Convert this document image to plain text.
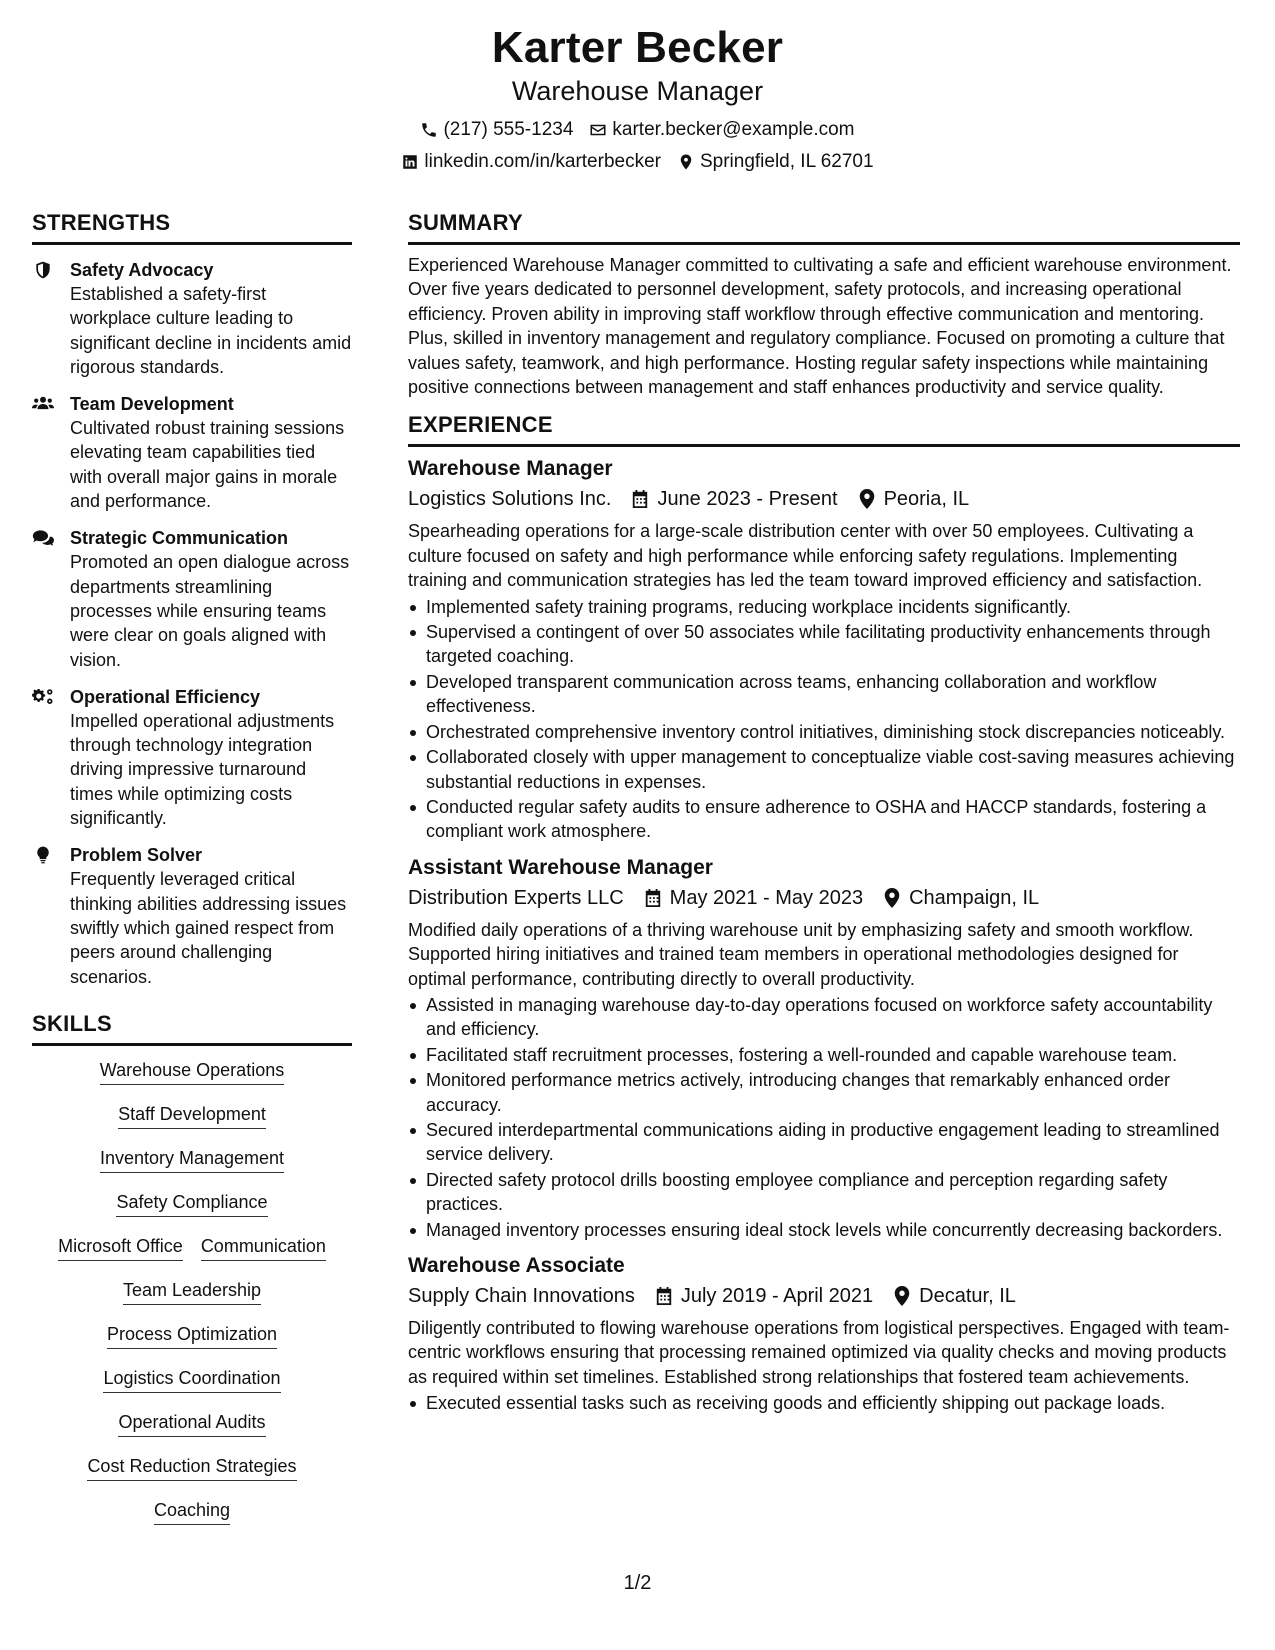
Karter Becker
Warehouse Manager
(217) 555-1234 karter.becker@example.com
linkedin.com/in/karterbecker Springfield, IL 62701
STRENGTHS
Safety Advocacy
Established a safety-first workplace culture leading to significant decline in incidents amid rigorous standards.
Team Development
Cultivated robust training sessions elevating team capabilities tied with overall major gains in morale and performance.
Strategic Communication
Promoted an open dialogue across departments streamlining processes while ensuring teams were clear on goals aligned with vision.
Operational Efficiency
Impelled operational adjustments through technology integration driving impressive turnaround times while optimizing costs significantly.
Problem Solver
Frequently leveraged critical thinking abilities addressing issues swiftly which gained respect from peers around challenging scenarios.
SKILLS
Warehouse Operations
Staff Development
Inventory Management
Safety Compliance
Microsoft Office Communication
Team Leadership
Process Optimization
Logistics Coordination
Operational Audits
Cost Reduction Strategies
Coaching
SUMMARY
Experienced Warehouse Manager committed to cultivating a safe and efficient warehouse environment. Over five years dedicated to personnel development, safety protocols, and increasing operational efficiency. Proven ability in improving staff workflow through effective communication and mentoring. Plus, skilled in inventory management and regulatory compliance. Focused on promoting a culture that values safety, teamwork, and high performance. Hosting regular safety inspections while maintaining positive connections between management and staff enhances productivity and service quality.
EXPERIENCE
Warehouse Manager
Logistics Solutions Inc. June 2023 - Present Peoria, IL
Spearheading operations for a large-scale distribution center with over 50 employees. Cultivating a culture focused on safety and high performance while enforcing safety regulations. Implementing training and communication strategies has led the team toward improved efficiency and satisfaction.
Implemented safety training programs, reducing workplace incidents significantly.
Supervised a contingent of over 50 associates while facilitating productivity enhancements through targeted coaching.
Developed transparent communication across teams, enhancing collaboration and workflow effectiveness.
Orchestrated comprehensive inventory control initiatives, diminishing stock discrepancies noticeably.
Collaborated closely with upper management to conceptualize viable cost-saving measures achieving substantial reductions in expenses.
Conducted regular safety audits to ensure adherence to OSHA and HACCP standards, fostering a compliant work atmosphere.
Assistant Warehouse Manager
Distribution Experts LLC May 2021 - May 2023 Champaign, IL
Modified daily operations of a thriving warehouse unit by emphasizing safety and smooth workflow. Supported hiring initiatives and trained team members in operational methodologies designed for optimal performance, contributing directly to overall productivity.
Assisted in managing warehouse day-to-day operations focused on workforce safety accountability and efficiency.
Facilitated staff recruitment processes, fostering a well-rounded and capable warehouse team.
Monitored performance metrics actively, introducing changes that remarkably enhanced order accuracy.
Secured interdepartmental communications aiding in productive engagement leading to streamlined service delivery.
Directed safety protocol drills boosting employee compliance and perception regarding safety practices.
Managed inventory processes ensuring ideal stock levels while concurrently decreasing backorders.
Warehouse Associate
Supply Chain Innovations July 2019 - April 2021 Decatur, IL
Diligently contributed to flowing warehouse operations from logistical perspectives. Engaged with team-centric workflows ensuring that processing remained optimized via quality checks and moving products as required within set timelines. Established strong relationships that fostered team achievements.
Executed essential tasks such as receiving goods and efficiently shipping out package loads.
1/2
